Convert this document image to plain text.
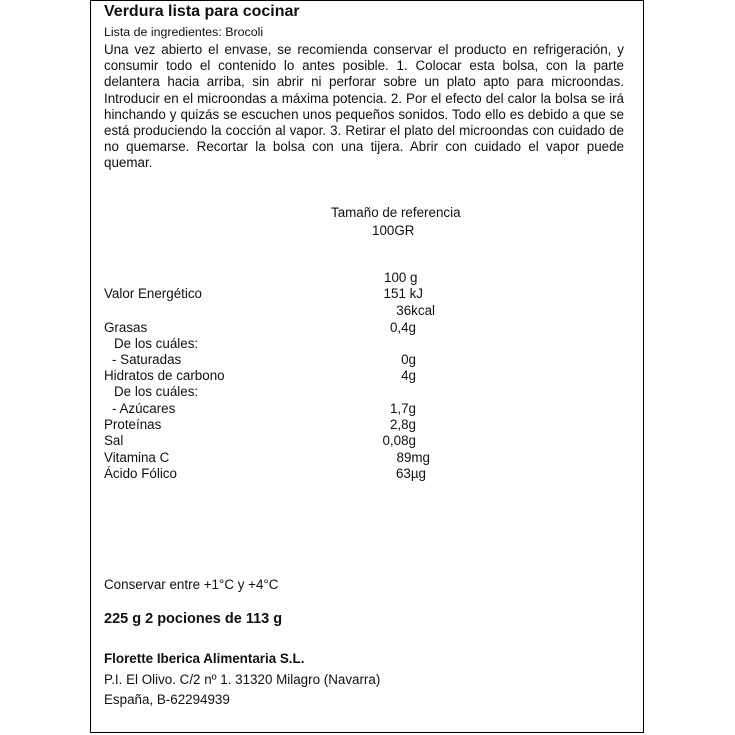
Verdura lista para cocinar
Lista de ingredientes: Brocoli
Una vez abierto el envase, se recomienda conservar el producto en refrigeración, y consumir todo el contenido lo antes posible. 1. Colocar esta bolsa, con la parte delantera hacia arriba, sin abrir ni perforar sobre un plato apto para microondas. Introducir en el microondas a máxima potencia. 2. Por el efecto del calor la bolsa se irá hinchando y quizás se escuchen unos pequeños sonidos. Todo ello es debido a que se está produciendo la cocción al vapor. 3. Retirar el plato del microondas con cuidado de no quemarse. Recortar la bolsa con una tijera. Abrir con cuidado el vapor puede quemar.
Tamaño de referencia
100GR
100 g
Valor Energético	151 kJ
36kcal
Grasas	0,4g
De los cuáles:
- Saturadas	0g
Hidratos de carbono	4g
De los cuáles:
- Azúcares	1,7g
Proteínas	2,8g
Sal	0,08g
Vitamina C	89mg
Ácido Fólico	63µg
Conservar entre +1°C y +4°C
225 g 2 pociones de 113 g
Florette Iberica Alimentaria S.L.
P.I. El Olivo. C/2 nº 1. 31320 Milagro (Navarra)
España, B-62294939
